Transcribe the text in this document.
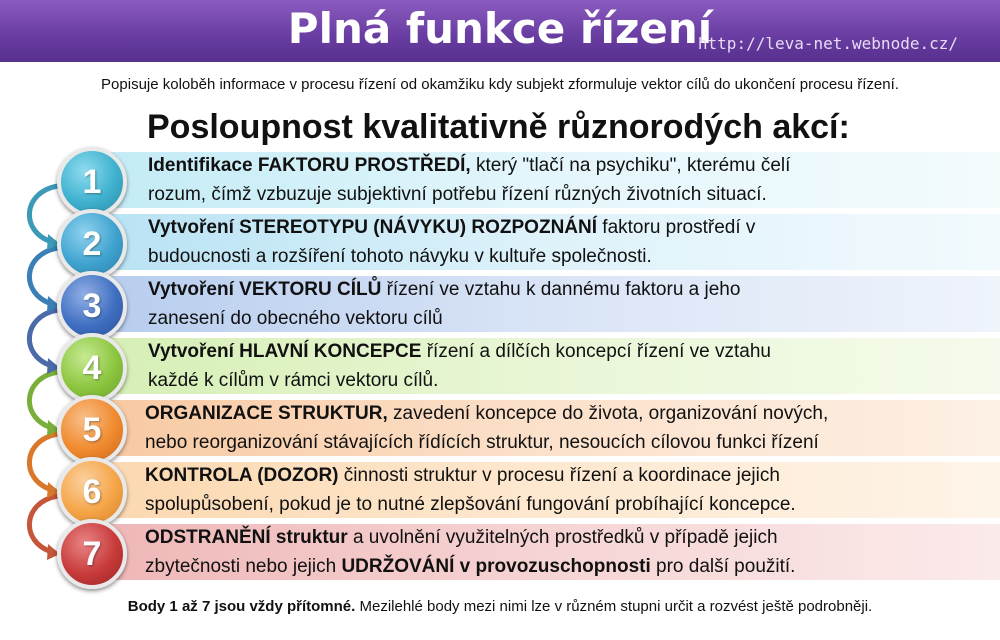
Plná funkce řízení
http://leva-net.webnode.cz/
Popisuje koloběh informace v procesu řízení od okamžiku kdy subjekt zformuluje vektor cílů do ukončení procesu řízení.
Posloupnost kvalitativně různorodých akcí:
1
2
3
4
5
6
7
Identifikace FAKTORU PROSTŘEDÍ, který "tlačí na psychiku", kterému čelí
rozum, čímž vzbuzuje subjektivní potřebu řízení různých životních situací.
Vytvoření STEREOTYPU (NÁVYKU) ROZPOZNÁNÍ faktoru prostředí v
budoucnosti a rozšíření tohoto návyku v kultuře společnosti.
Vytvoření VEKTORU CÍLŮ řízení ve vztahu k dannému faktoru a jeho
zanesení do obecného vektoru cílů
Vytvoření HLAVNÍ KONCEPCE řízení a dílčích koncepcí řízení ve vztahu
každé k cílům v rámci vektoru cílů.
ORGANIZACE STRUKTUR, zavedení koncepce do života, organizování nových,
nebo reorganizování stávajících řídících struktur, nesoucích cílovou funkci řízení
KONTROLA (DOZOR) činnosti struktur v procesu řízení a koordinace jejich
spolupůsobení, pokud je to nutné zlepšování fungování probíhající koncepce.
ODSTRANĚNÍ struktur a uvolnění využitelných prostředků v případě jejich
zbytečnosti nebo jejich UDRŽOVÁNÍ v provozuschopnosti pro další použití.
Body 1 až 7 jsou vždy přítomné. Mezilehlé body mezi nimi lze v různém stupni určit a rozvést ještě podrobněji.
